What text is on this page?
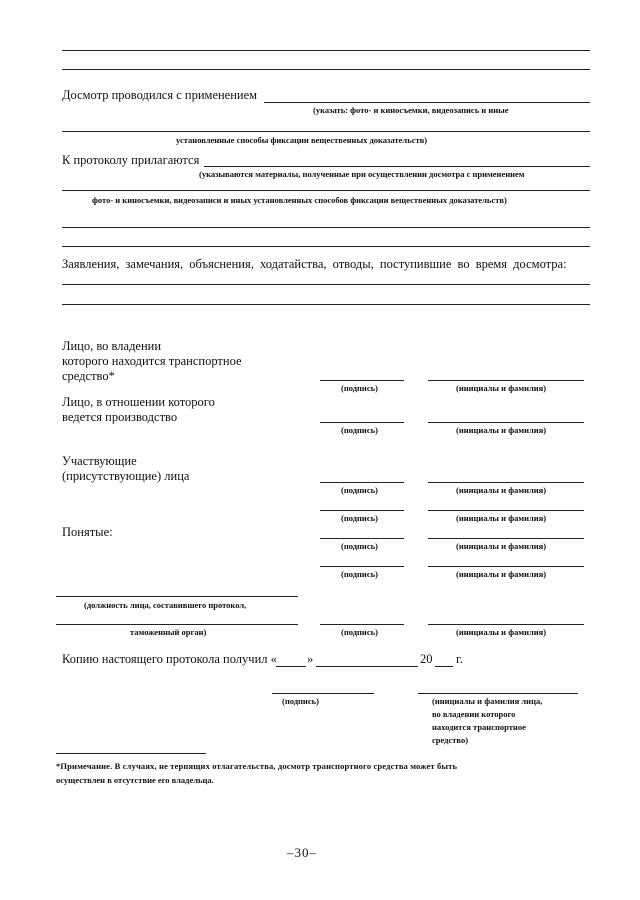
Досмотр проводился с применением
(указать: фото- и киносъемки, видеозапись и иные
установленные способы фиксации вещественных доказательств)
К протоколу прилагаются
(указываются материалы, полученные при осуществлении досмотра с применением
фото- и киносъемки, видеозаписи и иных установленных способов фиксации вещественных доказательств)
Заявления, замечания, объяснения, ходатайства, отводы, поступившие во время досмотра:
Лицо, во владении
которого находится транспортное
средство*
(подпись)	(инициалы и фамилия)
Лицо, в отношении которого
ведется производство
(подпись)	(инициалы и фамилия)
Участвующие
(присутствующие) лица
(подпись)	(инициалы и фамилия)
(подпись)	(инициалы и фамилия)
Понятые:
(подпись)	(инициалы и фамилия)
(подпись)	(инициалы и фамилия)
(должность лица, составившего протокол,
таможенный орган)	(подпись)	(инициалы и фамилия)
Копию настоящего протокола получил « »	20 г.
(подпись)	(инициалы и фамилия лица,
во владении которого
находится транспортное
средство)
*Примечание. В случаях, не терпящих отлагательства, досмотр транспортного средства может быть
осуществлен в отсутствие его владельца.
–30–
